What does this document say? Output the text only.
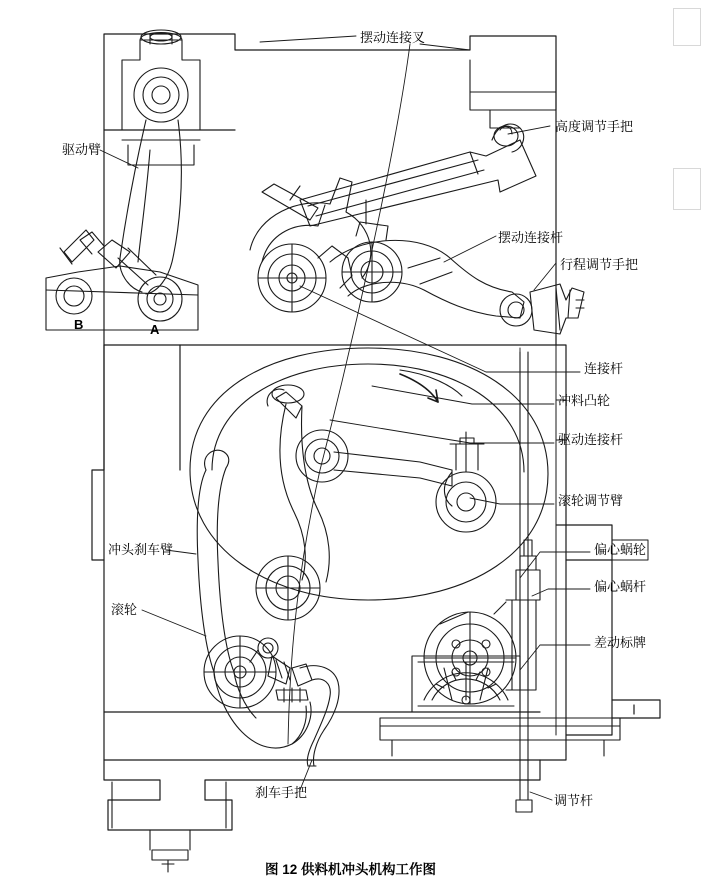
B	A
摆动连接叉
高度调节手把
驱动臂
摆动连接杆
行程调节手把
连接杆
冲料凸轮
驱动连接杆
滚轮调节臂
偏心蜗轮
偏心蜗杆
差动标牌
冲头刹车臂
滚轮
刹车手把
调节杆
图 12 供料机冲头机构工作图
